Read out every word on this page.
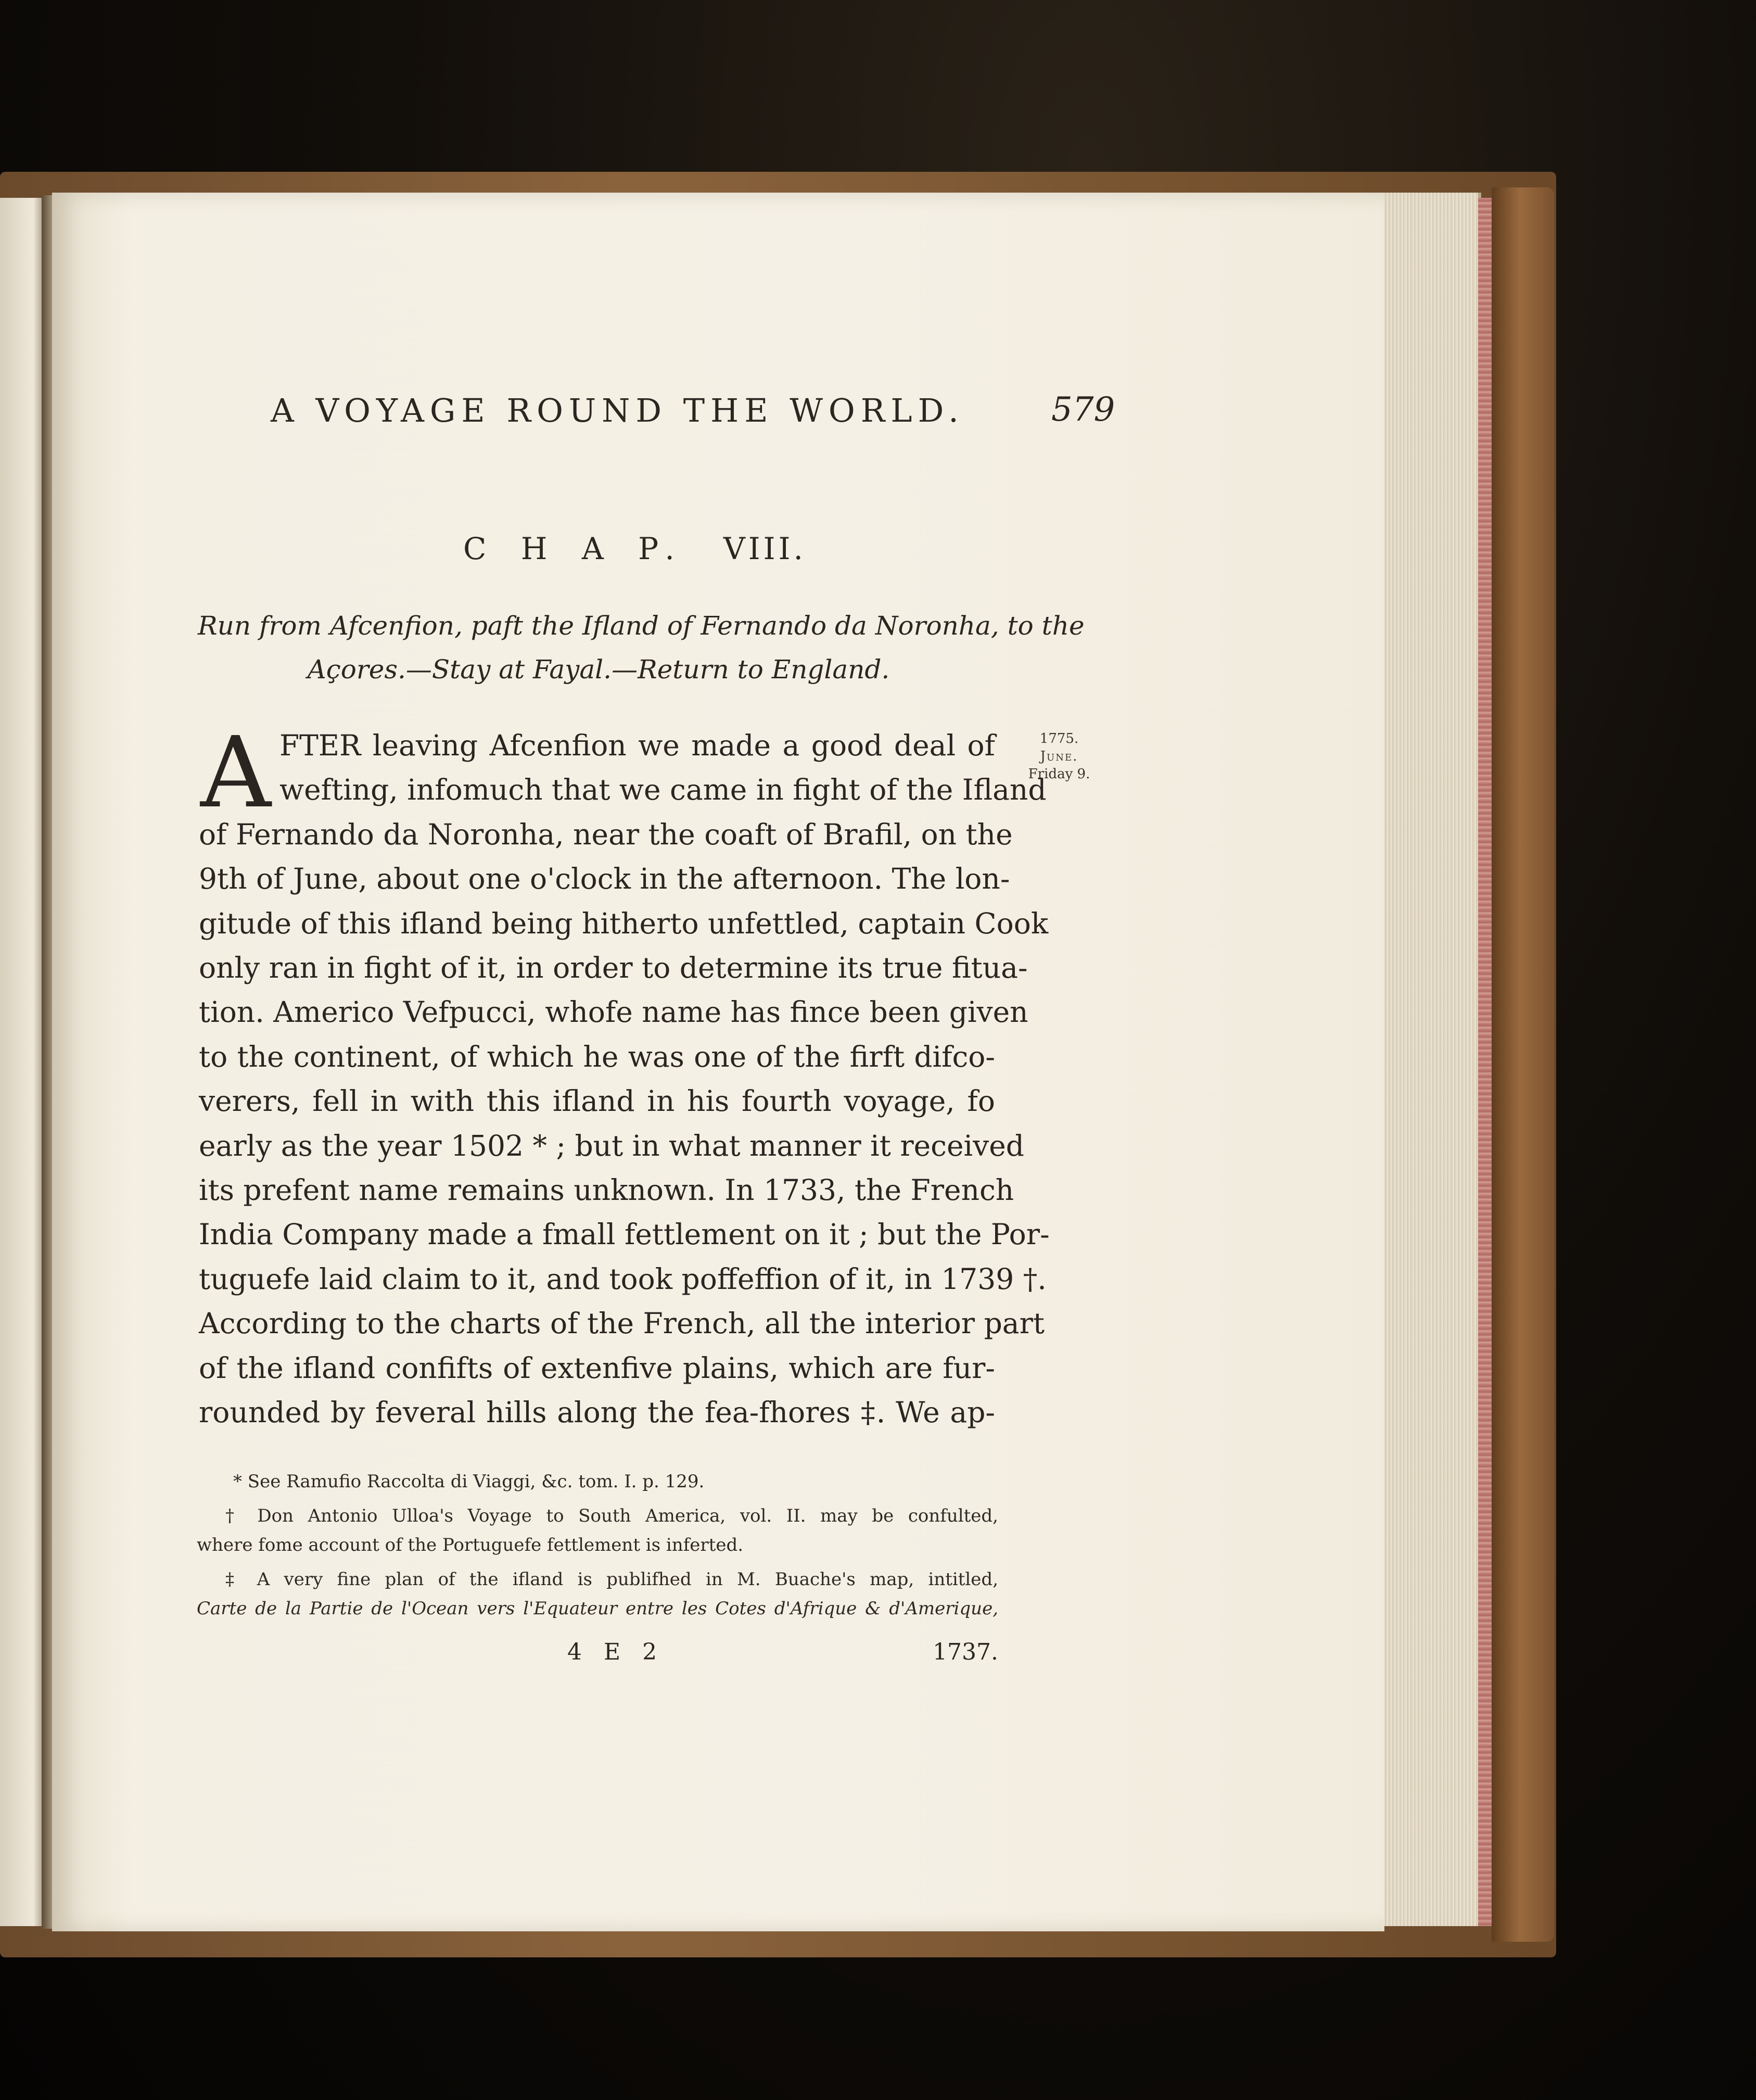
A VOYAGE ROUND THE WORLD.	579
C H A P. VIII.
Run from Afcenfion, paft the Ifland of Fernando da Noronha, to the
Açores.—Stay at Fayal.—Return to England.
A FTER leaving Afcenfion we made a good deal of
wefting, infomuch that we came in fight of the Ifland
of Fernando da Noronha, near the coaft of Brafil, on the
9th of June, about one o'clock in the afternoon. The lon-
gitude of this ifland being hitherto unfettled, captain Cook
only ran in fight of it, in order to determine its true fitua-
tion. Americo Vefpucci, whofe name has fince been given
to the continent, of which he was one of the firft difco-
verers, fell in with this ifland in his fourth voyage, fo
early as the year 1502 * ; but in what manner it received
its prefent name remains unknown. In 1733, the French
India Company made a fmall fettlement on it ; but the Por-
tuguefe laid claim to it, and took poffeffion of it, in 1739 †.
According to the charts of the French, all the interior part
of the ifland confifts of extenfive plains, which are fur-
rounded by feveral hills along the fea-fhores ‡. We ap-
1775.
June.
Friday 9.
* See Ramufio Raccolta di Viaggi, &c. tom. I. p. 129.
† Don Antonio Ulloa's Voyage to South America, vol. II. may be confulted,
where fome account of the Portuguefe fettlement is inferted.
‡ A very fine plan of the ifland is publifhed in M. Buache's map, intitled,
Carte de la Partie de l'Ocean vers l'Equateur entre les Cotes d'Afrique & d'Amerique,
4 E 2	1737.
